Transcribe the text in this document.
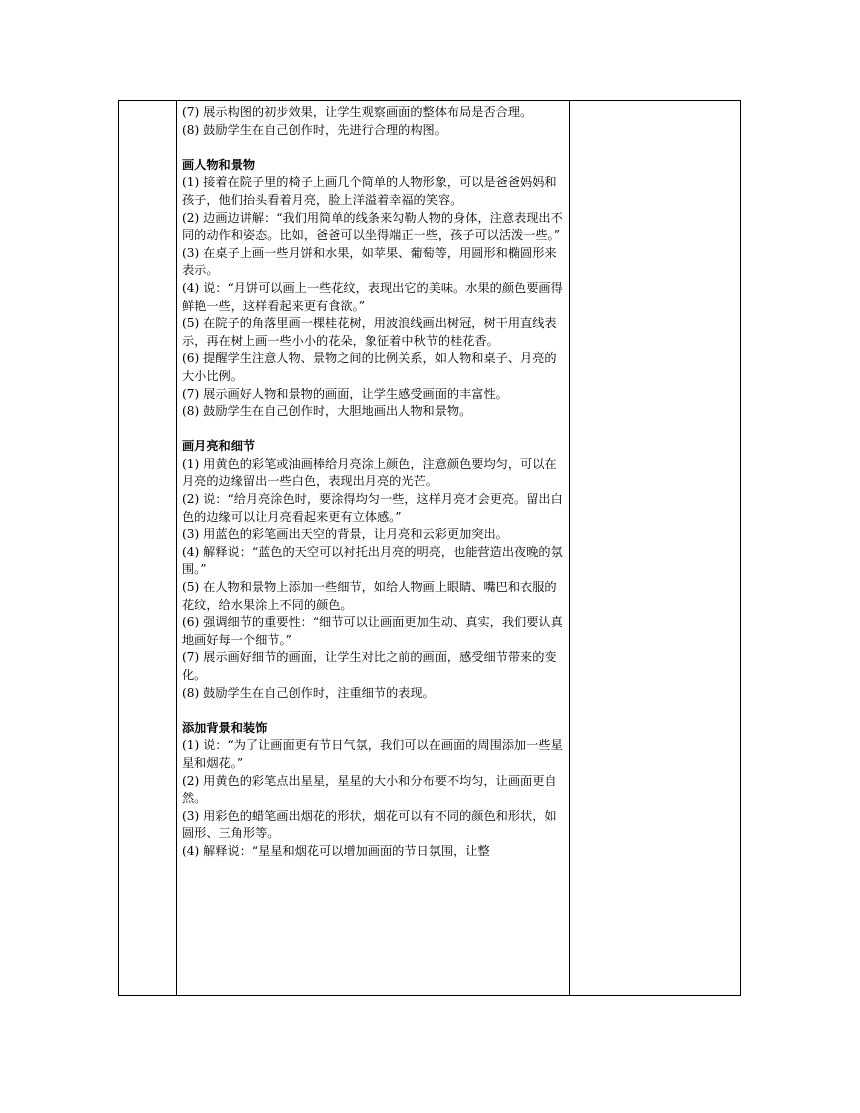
(7) 展示构图的初步效果，让学生观察画面的整体布局是否合理。

(8) 鼓励学生在自己创作时，先进行合理的构图。

画人物和景物

(1) 接着在院子里的椅子上画几个简单的人物形象，可以是爸爸妈妈和孩子，他们抬头看着月亮，脸上洋溢着幸福的笑容。

(2) 边画边讲解：“我们用简单的线条来勾勒人物的身体，注意表现出不同的动作和姿态。比如，爸爸可以坐得端正一些，孩子可以活泼一些。”

(3) 在桌子上画一些月饼和水果，如苹果、葡萄等，用圆形和椭圆形来表示。

(4) 说：“月饼可以画上一些花纹，表现出它的美味。水果的颜色要画得鲜艳一些，这样看起来更有食欲。”

(5) 在院子的角落里画一棵桂花树，用波浪线画出树冠，树干用直线表示，再在树上画一些小小的花朵，象征着中秋节的桂花香。

(6) 提醒学生注意人物、景物之间的比例关系，如人物和桌子、月亮的大小比例。

(7) 展示画好人物和景物的画面，让学生感受画面的丰富性。

(8) 鼓励学生在自己创作时，大胆地画出人物和景物。

画月亮和细节

(1) 用黄色的彩笔或油画棒给月亮涂上颜色，注意颜色要均匀，可以在月亮的边缘留出一些白色，表现出月亮的光芒。

(2) 说：“给月亮涂色时，要涂得均匀一些，这样月亮才会更亮。留出白色的边缘可以让月亮看起来更有立体感。”

(3) 用蓝色的彩笔画出天空的背景，让月亮和云彩更加突出。

(4) 解释说：“蓝色的天空可以衬托出月亮的明亮，也能营造出夜晚的氛围。”

(5) 在人物和景物上添加一些细节，如给人物画上眼睛、嘴巴和衣服的花纹，给水果涂上不同的颜色。

(6) 强调细节的重要性：“细节可以让画面更加生动、真实，我们要认真地画好每一个细节。”

(7) 展示画好细节的画面，让学生对比之前的画面，感受细节带来的变化。

(8) 鼓励学生在自己创作时，注重细节的表现。

添加背景和装饰

(1) 说：“为了让画面更有节日气氛，我们可以在画面的周围添加一些星星和烟花。”

(2) 用黄色的彩笔点出星星，星星的大小和分布要不均匀，让画面更自然。

(3) 用彩色的蜡笔画出烟花的形状，烟花可以有不同的颜色和形状，如圆形、三角形等。

(4) 解释说：“星星和烟花可以增加画面的节日氛围，让整
